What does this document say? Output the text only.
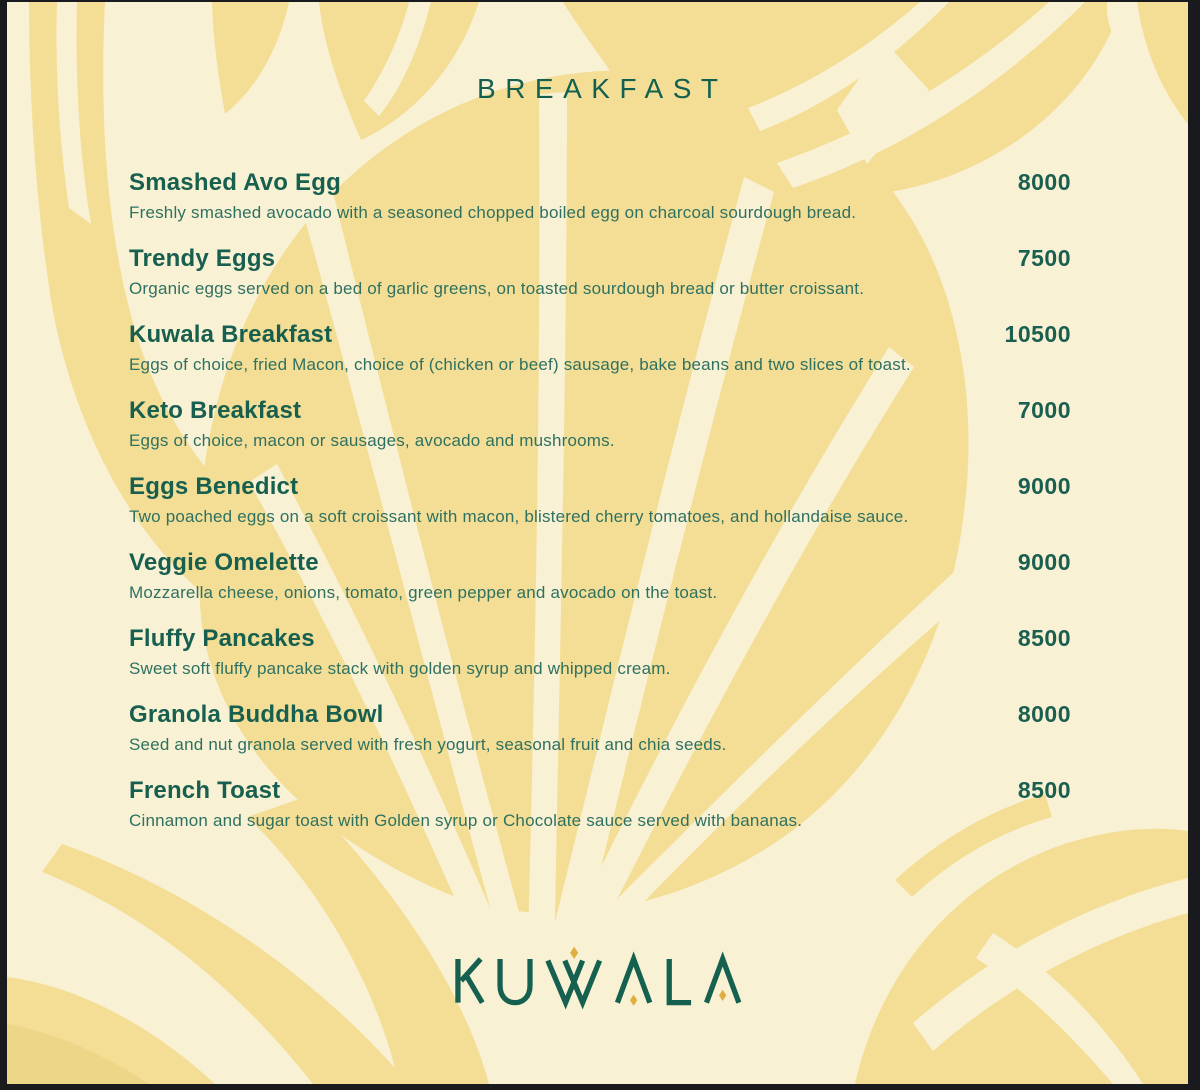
BREAKFAST
Smashed Avo Egg	8000
Freshly smashed avocado with a seasoned chopped boiled egg on charcoal sourdough bread.
Trendy Eggs	7500
Organic eggs served on a bed of garlic greens, on toasted sourdough bread or butter croissant.
Kuwala Breakfast	10500
Eggs of choice, fried Macon, choice of (chicken or beef) sausage, bake beans and two slices of toast.
Keto Breakfast	7000
Eggs of choice, macon or sausages, avocado and mushrooms.
Eggs Benedict	9000
Two poached eggs on a soft croissant with macon, blistered cherry tomatoes, and hollandaise sauce.
Veggie Omelette	9000
Mozzarella cheese, onions, tomato, green pepper and avocado on the toast.
Fluffy Pancakes	8500
Sweet soft fluffy pancake stack with golden syrup and whipped cream.
Granola Buddha Bowl	8000
Seed and nut granola served with fresh yogurt, seasonal fruit and chia seeds.
French Toast	8500
Cinnamon and sugar toast with Golden syrup or Chocolate sauce served with bananas.
